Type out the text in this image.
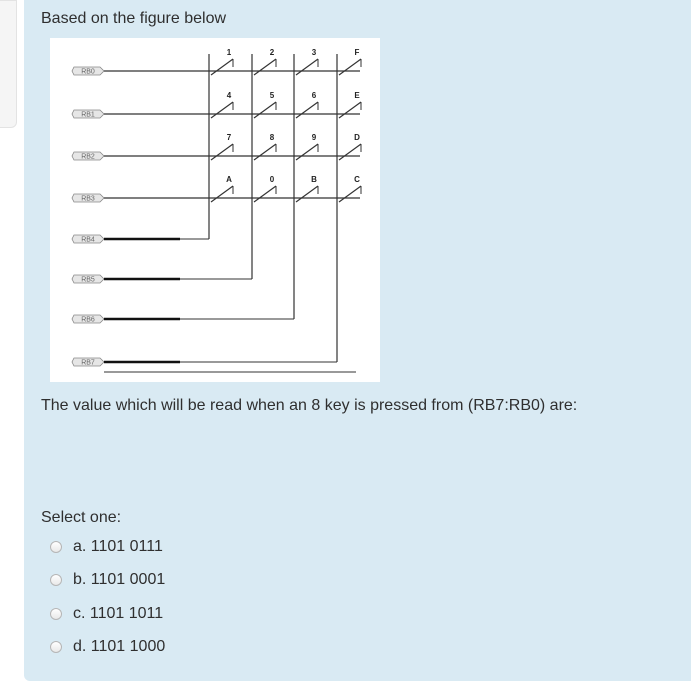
Based on the figure below
RB0
RB1
RB2
RB3
RB4
RB5
RB6
RB7
1	2	3	F
4	5	6	E
7	8	9	D
A	0	B	C
The value which will be read when an 8 key is pressed from (RB7:RB0) are:
Select one:
a. 1101 0111
b. 1101 0001
c. 1101 1011
d. 1101 1000
